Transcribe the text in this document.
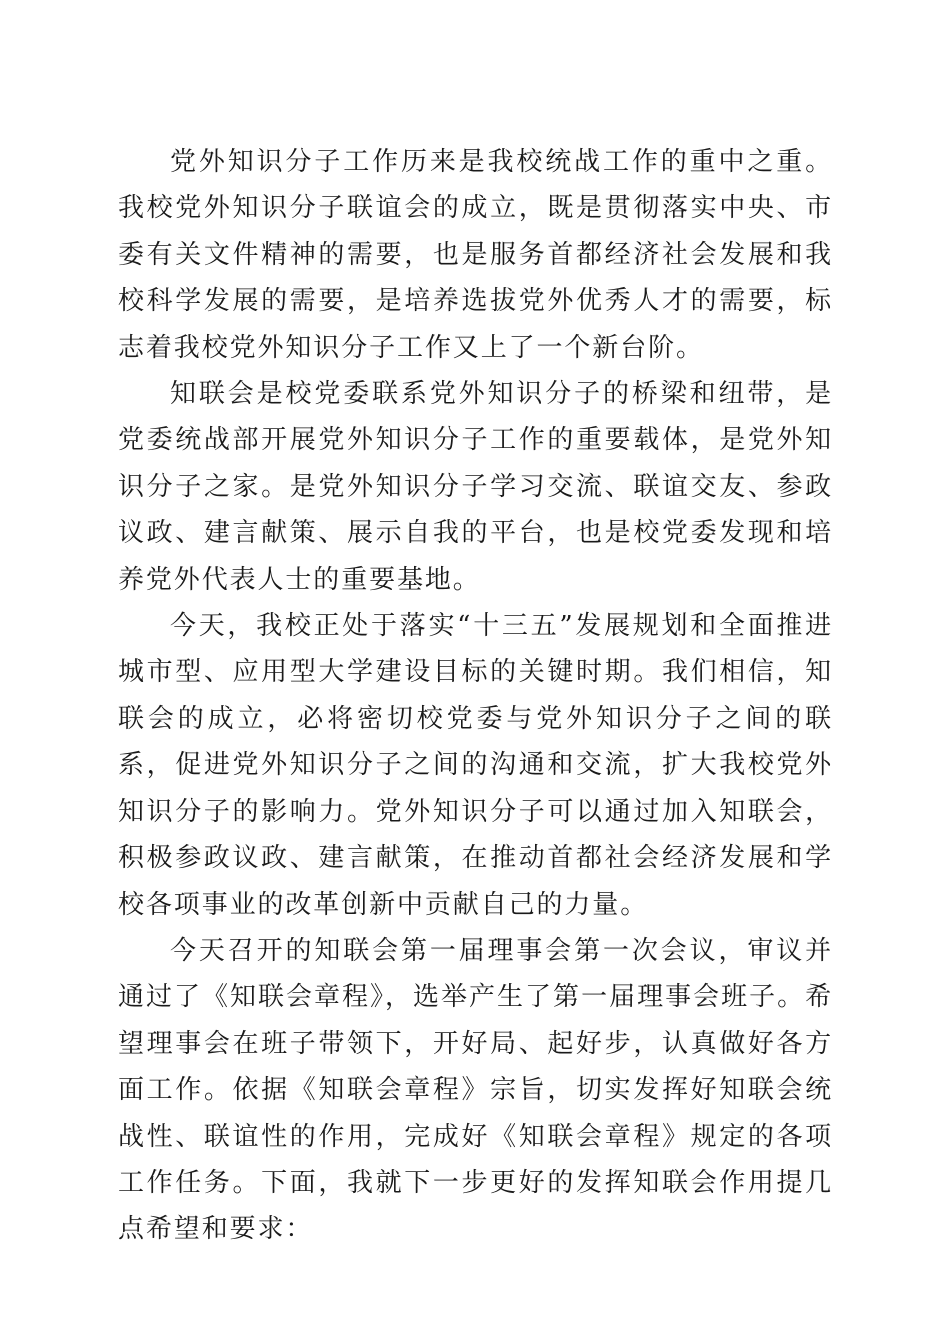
党外知识分子工作历来是我校统战工作的重中之重。我校党外知识分子联谊会的成立，既是贯彻落实中央、市委有关文件精神的需要，也是服务首都经济社会发展和我校科学发展的需要，是培养选拔党外优秀人才的需要，标志着我校党外知识分子工作又上了一个新台阶。

知联会是校党委联系党外知识分子的桥梁和纽带，是党委统战部开展党外知识分子工作的重要载体，是党外知识分子之家。是党外知识分子学习交流、联谊交友、参政议政、建言献策、展示自我的平台，也是校党委发现和培养党外代表人士的重要基地。

今天，我校正处于落实“十三五”发展规划和全面推进城市型、应用型大学建设目标的关键时期。我们相信，知联会的成立，必将密切校党委与党外知识分子之间的联系，促进党外知识分子之间的沟通和交流，扩大我校党外知识分子的影响力。党外知识分子可以通过加入知联会，积极参政议政、建言献策，在推动首都社会经济发展和学校各项事业的改革创新中贡献自己的力量。

今天召开的知联会第一届理事会第一次会议，审议并通过了《知联会章程》，选举产生了第一届理事会班子。希望理事会在班子带领下，开好局、起好步，认真做好各方面工作。依据《知联会章程》宗旨，切实发挥好知联会统战性、联谊性的作用，完成好《知联会章程》规定的各项工作任务。下面，我就下一步更好的发挥知联会作用提几点希望和要求：
